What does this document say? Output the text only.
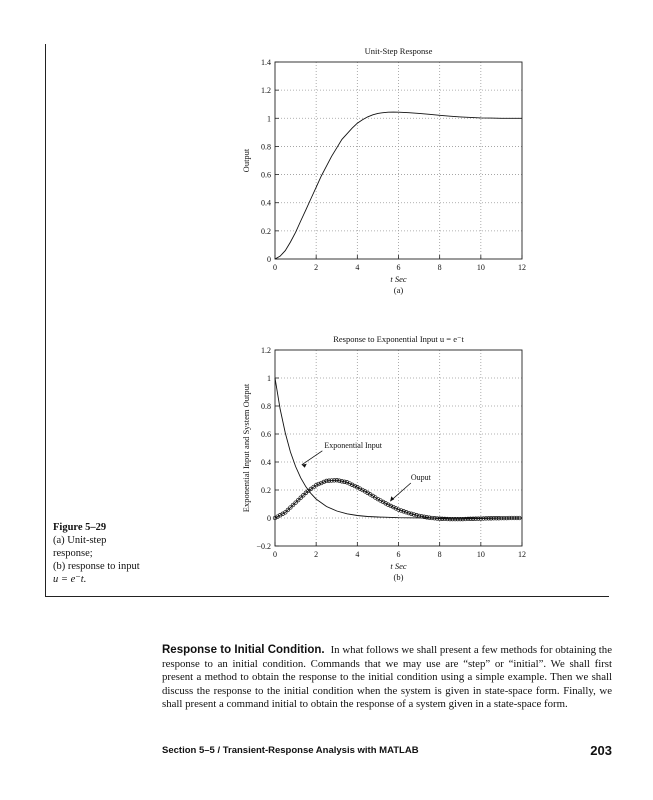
0	2	4	6	8	10	12
0
0.2
0.4
0.6
0.8
1
1.2
1.4
Unit-Step Response
t Sec
(a)
Output
0	2	4	6	8	10	12
−0.2
0
0.2
0.4
0.6
0.8
1
1.2
Response to Exponential Input u = e⁻t
t Sec
(b)
Exponential Input and System Output	Exponential Input
Ouput
Figure 5–29
(a) Unit-step
response;
(b) response to input
u = e⁻t.
Response to Initial Condition. In what follows we shall present a few methods for obtaining the response to an initial condition. Commands that we may use are “step” or “initial”. We shall first present a method to obtain the response to the initial condition using a simple example. Then we shall discuss the response to the initial condition when the system is given in state-space form. Finally, we shall present a command initial to obtain the response of a system given in a state-space form.
Section 5–5 / Transient-Response Analysis with MATLAB	203
